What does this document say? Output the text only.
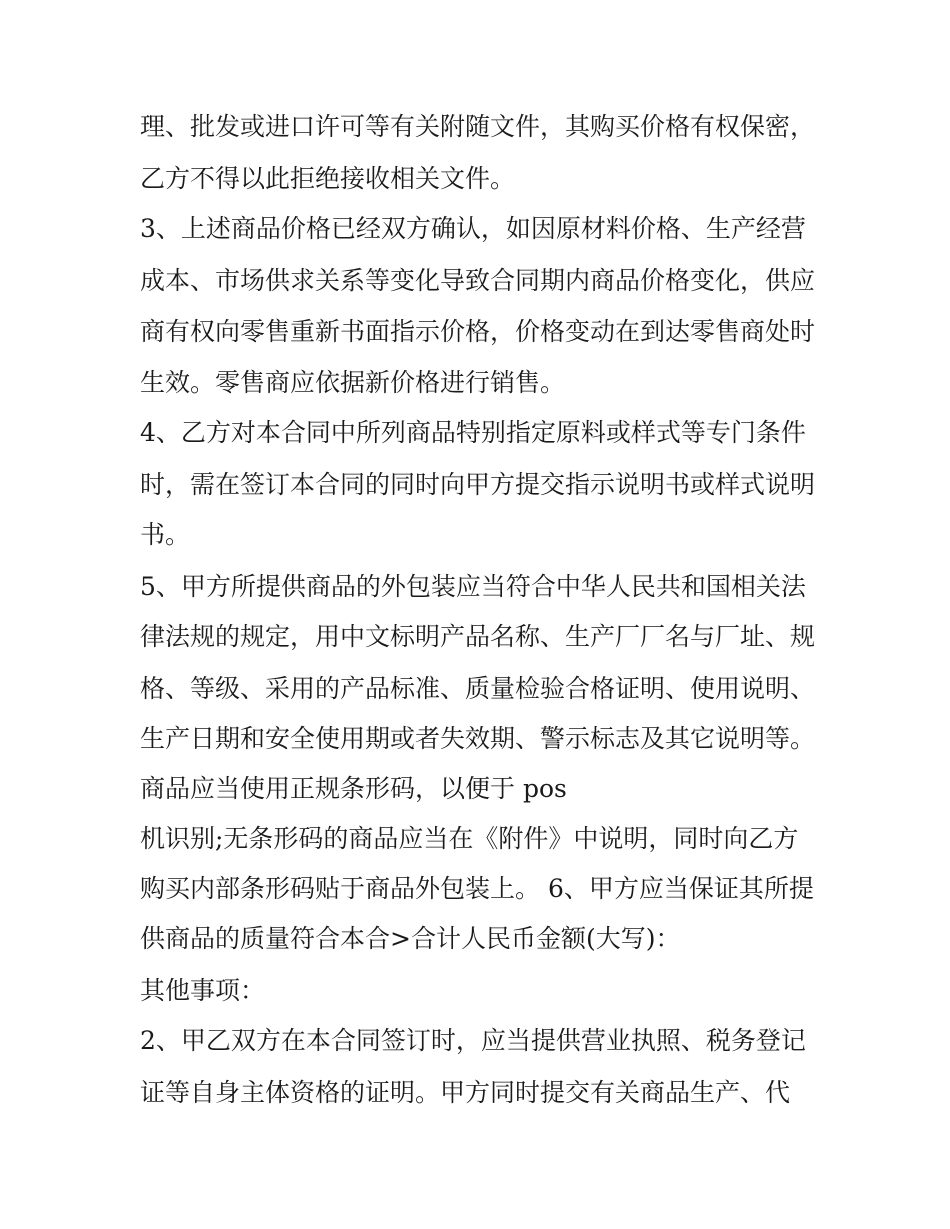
理、批发或进口许可等有关附随文件，其购买价格有权保密，
乙方不得以此拒绝接收相关文件。
3、上述商品价格已经双方确认，如因原材料价格、生产经营
成本、市场供求关系等变化导致合同期内商品价格变化，供应
商有权向零售重新书面指示价格，价格变动在到达零售商处时
生效。零售商应依据新价格进行销售。
4、乙方对本合同中所列商品特别指定原料或样式等专门条件
时，需在签订本合同的同时向甲方提交指示说明书或样式说明
书。
5、甲方所提供商品的外包装应当符合中华人民共和国相关法
律法规的规定，用中文标明产品名称、生产厂厂名与厂址、规
格、等级、采用的产品标准、质量检验合格证明、使用说明、
生产日期和安全使用期或者失效期、警示标志及其它说明等。
商品应当使用正规条形码，以便于 pos
机识别;无条形码的商品应当在《附件》中说明，同时向乙方
购买内部条形码贴于商品外包装上。 6、甲方应当保证其所提
供商品的质量符合本合>合计人民币金额(大写)：
其他事项：
2、甲乙双方在本合同签订时，应当提供营业执照、税务登记
证等自身主体资格的证明。甲方同时提交有关商品生产、代
